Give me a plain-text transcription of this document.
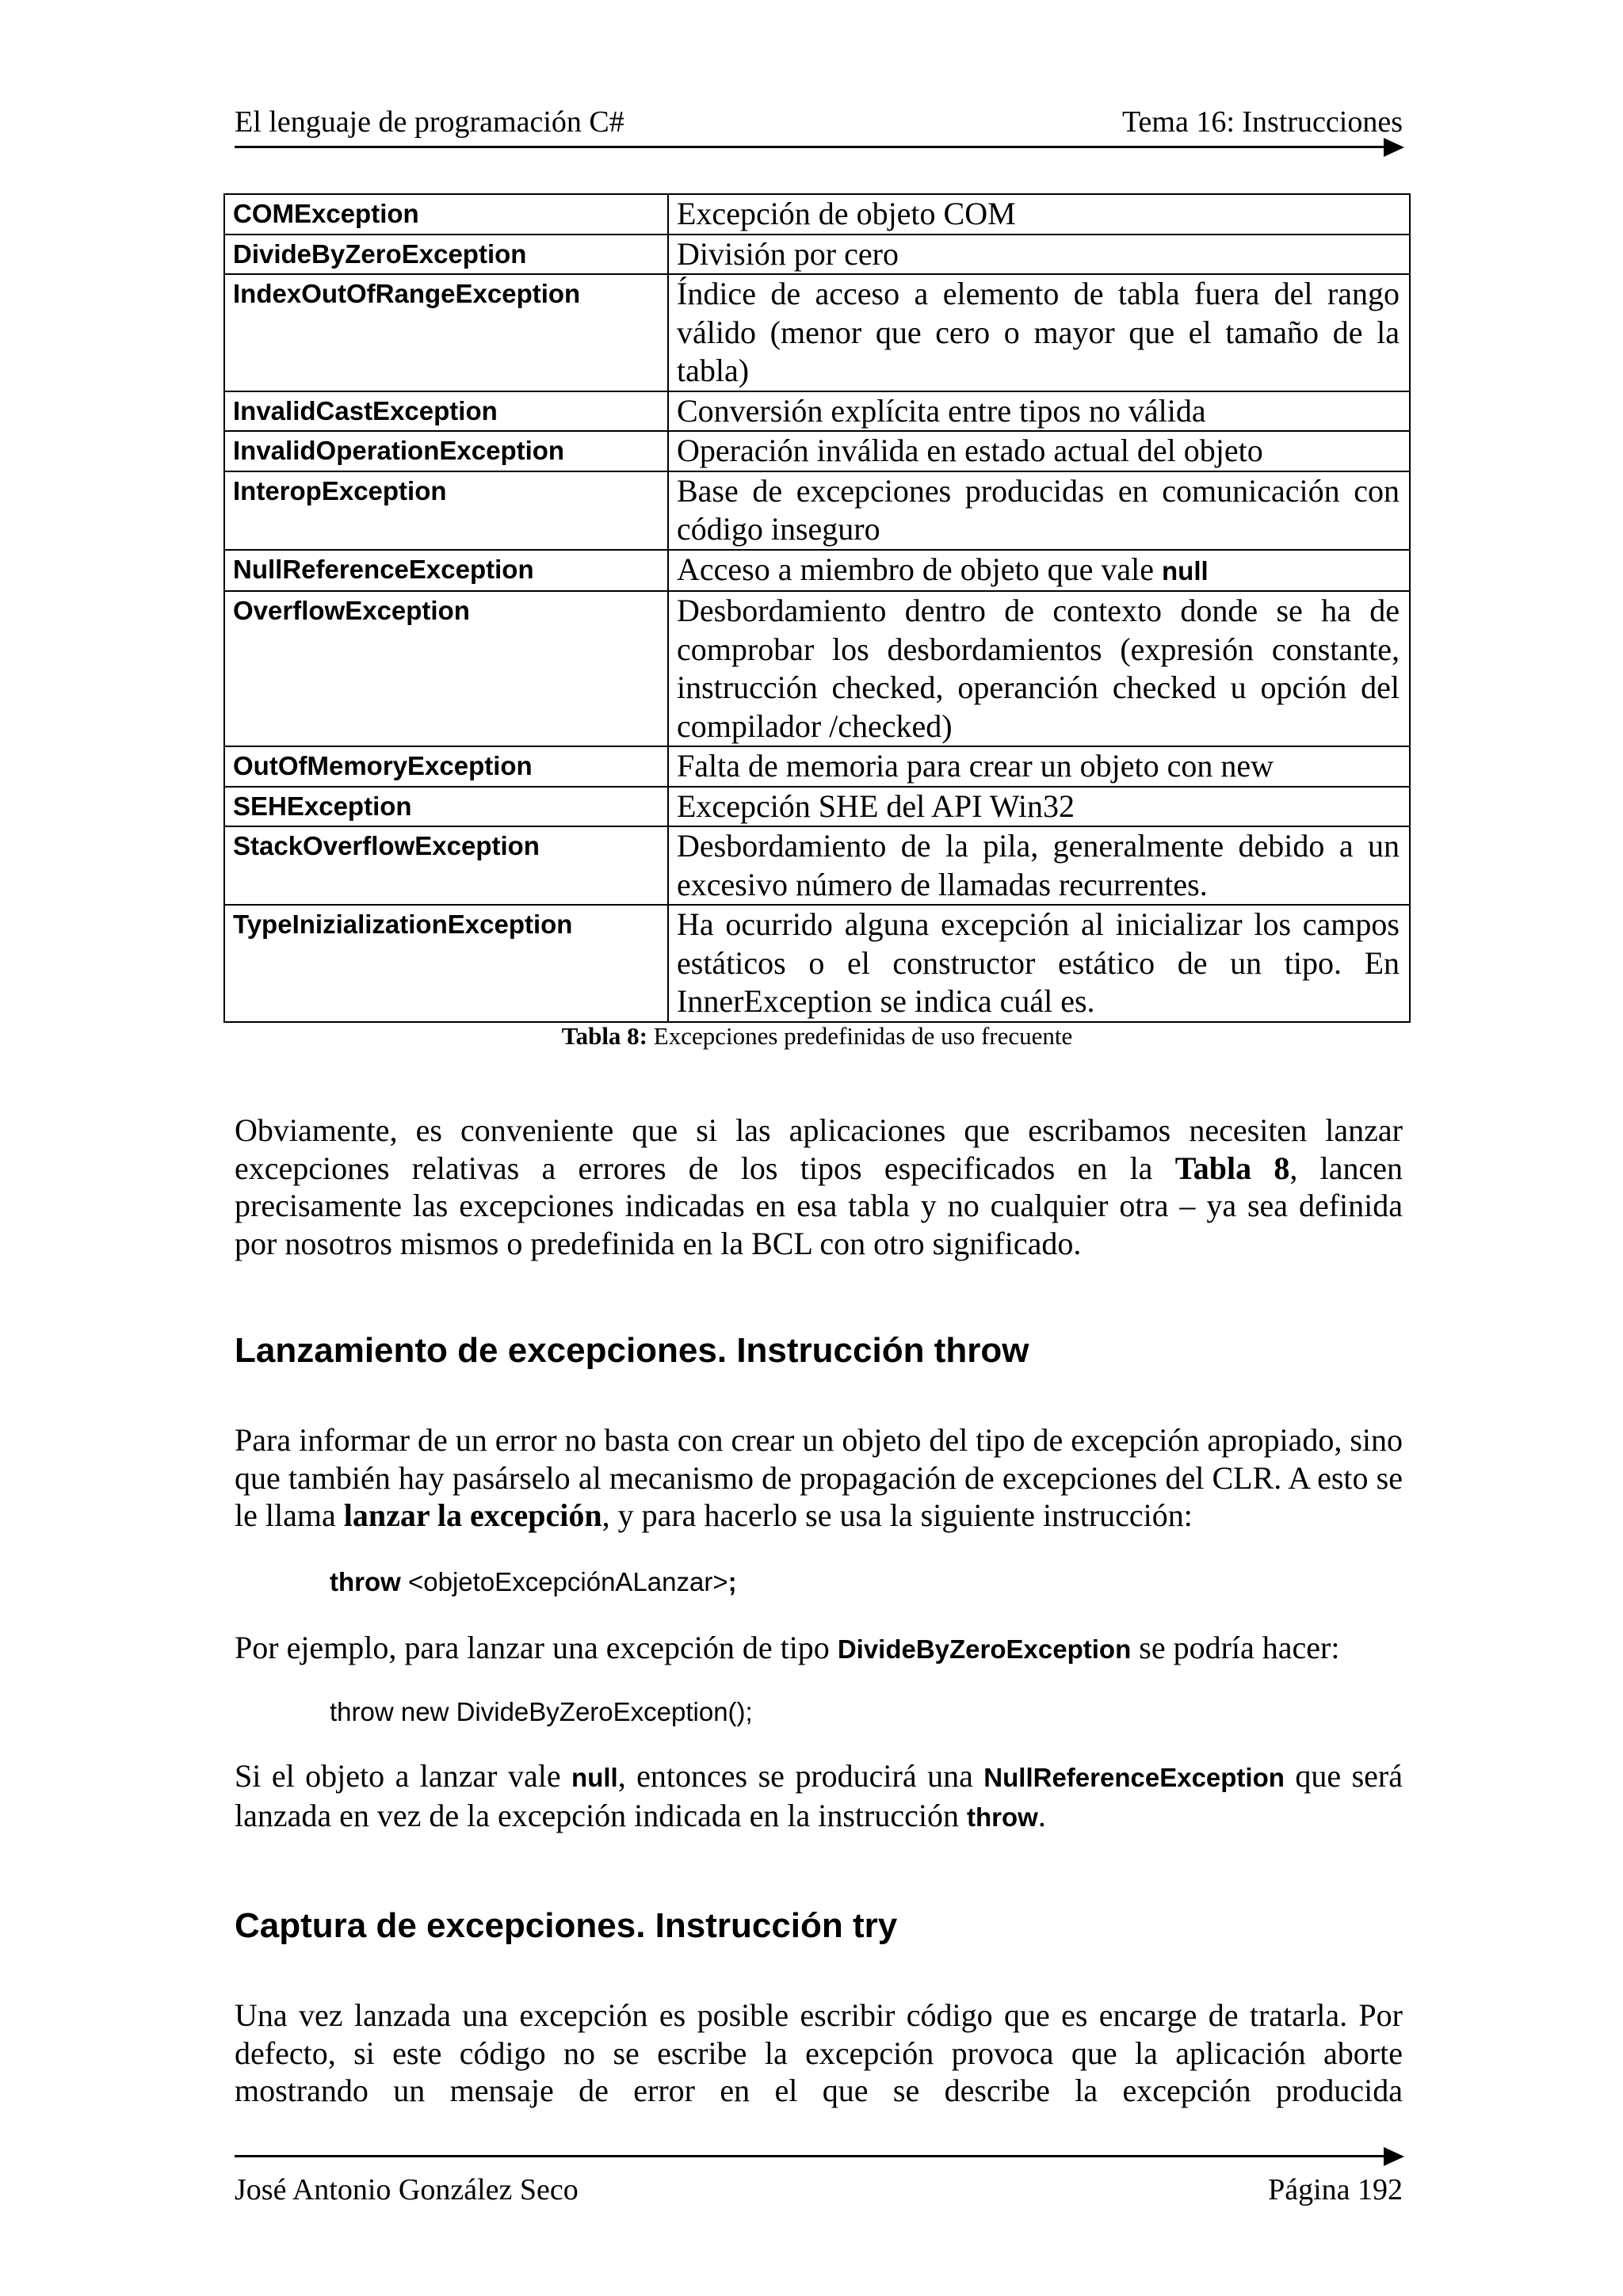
El lenguaje de programación C#	Tema 16: Instrucciones
COMException	Excepción de objeto COM
DivideByZeroException	División por cero
IndexOutOfRangeException	Índice de acceso a elemento de tabla fuera del rango válido (menor que cero o mayor que el tamaño de la tabla)
InvalidCastException	Conversión explícita entre tipos no válida
InvalidOperationException	Operación inválida en estado actual del objeto
InteropException	Base de excepciones producidas en comunicación con código inseguro
NullReferenceException	Acceso a miembro de objeto que vale null
OverflowException	Desbordamiento dentro de contexto donde se ha de comprobar los desbordamientos (expresión constante, instrucción checked, operanción checked u opción del compilador /checked)
OutOfMemoryException	Falta de memoria para crear un objeto con new
SEHException	Excepción SHE del API Win32
StackOverflowException	Desbordamiento de la pila, generalmente debido a un excesivo número de llamadas recurrentes.
TypeInizializationException	Ha ocurrido alguna excepción al inicializar los campos estáticos o el constructor estático de un tipo. En InnerException se indica cuál es.
Tabla 8: Excepciones predefinidas de uso frecuente
Obviamente, es conveniente que si las aplicaciones que escribamos necesiten lanzar excepciones relativas a errores de los tipos especificados en la Tabla 8, lancen precisamente las excepciones indicadas en esa tabla y no cualquier otra – ya sea definida por nosotros mismos o predefinida en la BCL con otro significado.
Lanzamiento de excepciones. Instrucción throw
Para informar de un error no basta con crear un objeto del tipo de excepción apropiado, sino que también hay pasárselo al mecanismo de propagación de excepciones del CLR. A esto se le llama lanzar la excepción, y para hacerlo se usa la siguiente instrucción:
throw <objetoExcepciónALanzar>;
Por ejemplo, para lanzar una excepción de tipo DivideByZeroException se podría hacer:
throw new DivideByZeroException();
Si el objeto a lanzar vale null, entonces se producirá una NullReferenceException que será lanzada en vez de la excepción indicada en la instrucción throw.
Captura de excepciones. Instrucción try
Una vez lanzada una excepción es posible escribir código que es encarge de tratarla. Por defecto, si este código no se escribe la excepción provoca que la aplicación aborte mostrando un mensaje de error en el que se describe la excepción producida
José Antonio González Seco	Página 192
